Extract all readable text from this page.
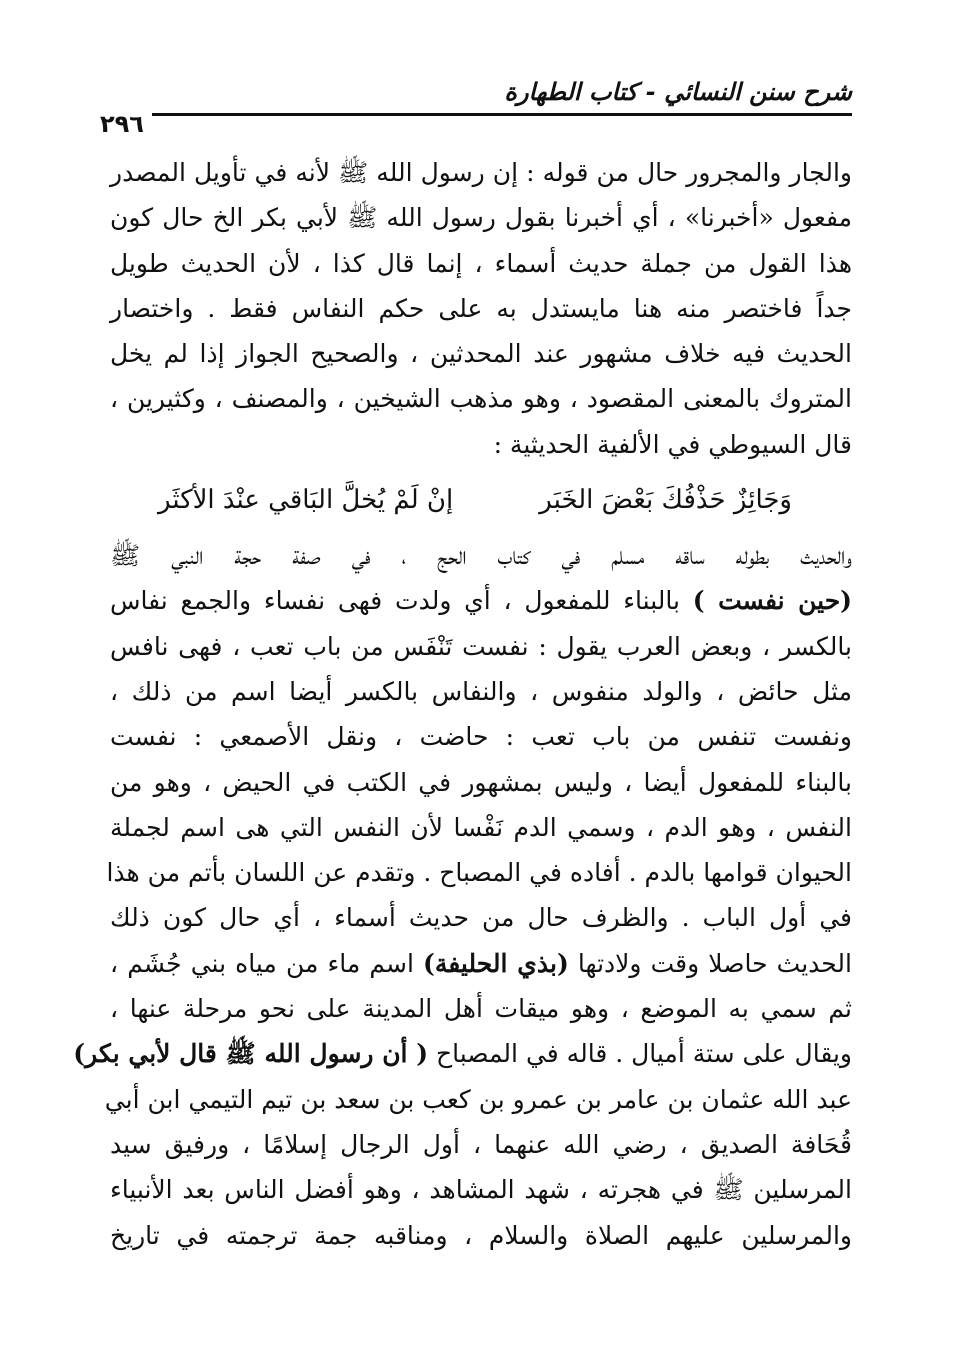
شرح سنن النسائي - كتاب الطهارة
٢٩٦
والجار والمجرور حال من قوله : إن رسول الله ﷺ لأنه في تأويل المصدر
مفعول «أخبرنا» ، أي أخبرنا بقول رسول الله ﷺ لأبي بكر الخ حال كون
هذا القول من جملة حديث أسماء ، إنما قال كذا ، لأن الحديث طويل
جداً فاختصر منه هنا مايستدل به على حكم النفاس فقط . واختصار
الحديث فيه خلاف مشهور عند المحدثين ، والصحيح الجواز إذا لم يخل
المتروك بالمعنى المقصود ، وهو مذهب الشيخين ، والمصنف ، وكثيرين ،
قال السيوطي في الألفية الحديثية :
وَجَائِزٌ حَذْفُكَ بَعْضَ الخَبَر
إنْ لَمْ يُخلَّ البَاقي عنْدَ الأكثَر
والحديث بطوله ساقه مسلم في كتاب الحج ، في صفة حجة النبي ﷺ
(حين نفست ) بالبناء للمفعول ، أي ولدت فهى نفساء والجمع نفاس
بالكسر ، وبعض العرب يقول : نفست تَنْفَس من باب تعب ، فهى نافس
مثل حائض ، والولد منفوس ، والنفاس بالكسر أيضا اسم من ذلك ،
ونفست تنفس من باب تعب : حاضت ، ونقل الأصمعي : نفست
بالبناء للمفعول أيضا ، وليس بمشهور في الكتب في الحيض ، وهو من
النفس ، وهو الدم ، وسمي الدم نَفْسا لأن النفس التي هى اسم لجملة
الحيوان قوامها بالدم . أفاده في المصباح . وتقدم عن اللسان بأتم من هذا
في أول الباب . والظرف حال من حديث أسماء ، أي حال كون ذلك
الحديث حاصلا وقت ولادتها (بذي الحليفة) اسم ماء من مياه بني جُشَم ،
ثم سمي به الموضع ، وهو ميقات أهل المدينة على نحو مرحلة عنها ،
ويقال على ستة أميال . قاله في المصباح ( أن رسول الله ﷺ قال لأبي بكر)
عبد الله عثمان بن عامر بن عمرو بن كعب بن سعد بن تيم التيمي ابن أبي
قُحَافة الصديق ، رضي الله عنهما ، أول الرجال إسلامًا ، ورفيق سيد
المرسلين ﷺ في هجرته ، شهد المشاهد ، وهو أفضل الناس بعد الأنبياء
والمرسلين عليهم الصلاة والسلام ، ومناقبه جمة ترجمته في تاريخ
